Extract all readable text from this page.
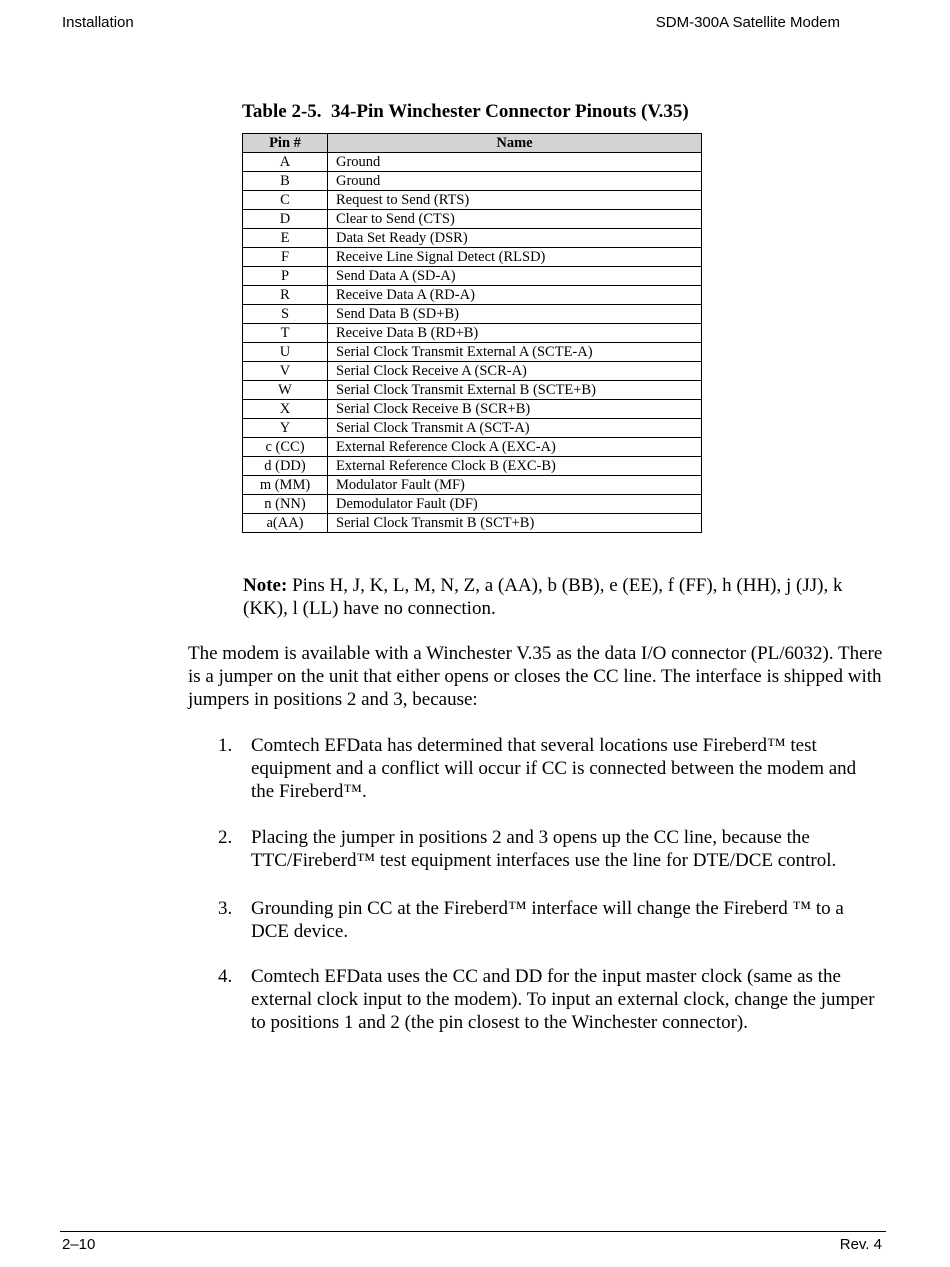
Installation	SDM-300A Satellite Modem
Table 2-5.  34-Pin Winchester Connector Pinouts (V.35)
Pin #	Name
A	Ground
B	Ground
C	Request to Send (RTS)
D	Clear to Send (CTS)
E	Data Set Ready (DSR)
F	Receive Line Signal Detect (RLSD)
P	Send Data A (SD-A)
R	Receive Data A (RD-A)
S	Send Data B (SD+B)
T	Receive Data B (RD+B)
U	Serial Clock Transmit External A (SCTE-A)
V	Serial Clock Receive A (SCR-A)
W	Serial Clock Transmit External B (SCTE+B)
X	Serial Clock Receive B (SCR+B)
Y	Serial Clock Transmit A (SCT-A)
c (CC)	External Reference Clock A (EXC-A)
d (DD)	External Reference Clock B (EXC-B)
m (MM)	Modulator Fault (MF)
n (NN)	Demodulator Fault (DF)
a(AA)	Serial Clock Transmit B (SCT+B)

Note: Pins H, J, K, L, M, N, Z, a (AA), b (BB), e (EE), f (FF), h (HH), j (JJ), k (KK), l (LL) have no connection.

The modem is available with a Winchester V.35 as the data I/O connector (PL/6032). There is a jumper on the unit that either opens or closes the CC line. The interface is shipped with jumpers in positions 2 and 3, because:

1. Comtech EFData has determined that several locations use Fireberd™ test equipment and a conflict will occur if CC is connected between the modem and the Fireberd™.
2. Placing the jumper in positions 2 and 3 opens up the CC line, because the TTC/Fireberd™ test equipment interfaces use the line for DTE/DCE control.
3. Grounding pin CC at the Fireberd™ interface will change the Fireberd ™ to a DCE device.
4. Comtech EFData uses the CC and DD for the input master clock (same as the external clock input to the modem). To input an external clock, change the jumper to positions 1 and 2 (the pin closest to the Winchester connector).
2–10	Rev. 4
